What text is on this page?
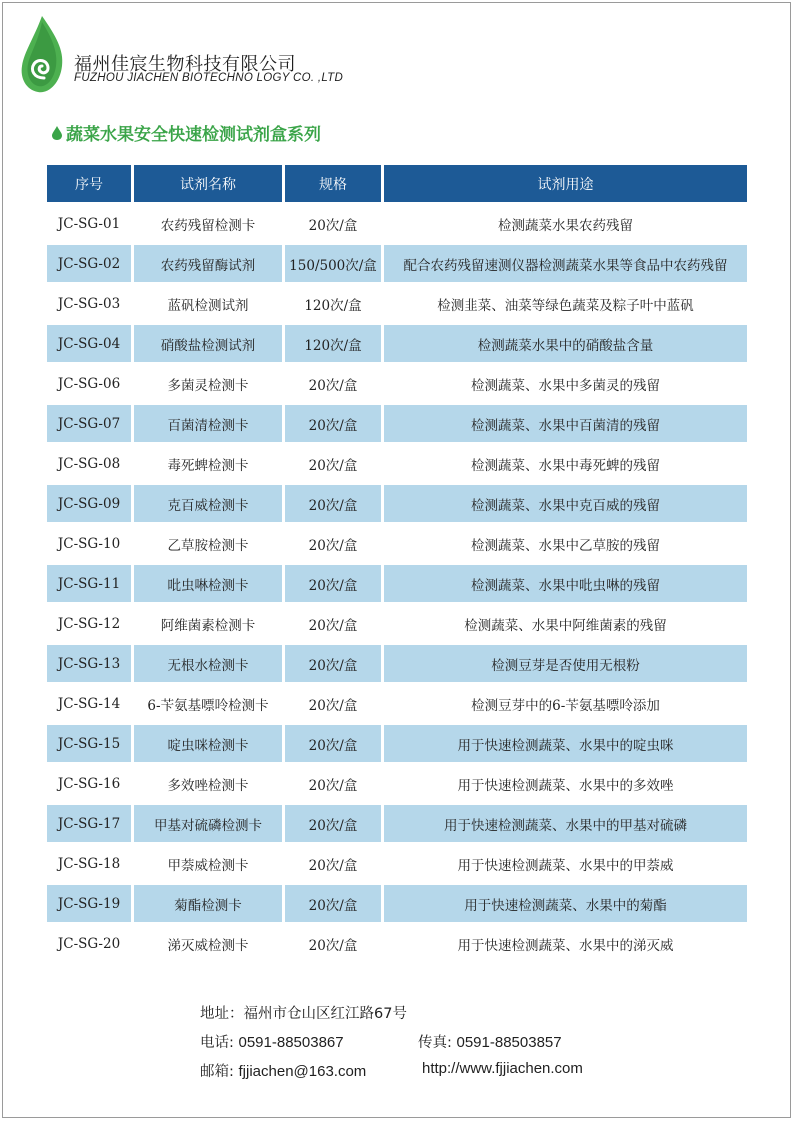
福州佳宸生物科技有限公司
FUZHOU JIACHEN BIOTECHNO LOGY CO. ,LTD
蔬菜水果安全快速检测试剂盒系列
序号	试剂名称	规格	试剂用途
JC-SG-01	农药残留检测卡	20次/盒	检测蔬菜水果农药残留
JC-SG-02	农药残留酶试剂	150/500次/盒	配合农药残留速测仪器检测蔬菜水果等食品中农药残留
JC-SG-03	蓝矾检测试剂	120次/盒	检测韭菜、油菜等绿色蔬菜及粽子叶中蓝矾
JC-SG-04	硝酸盐检测试剂	120次/盒	检测蔬菜水果中的硝酸盐含量
JC-SG-06	多菌灵检测卡	20次/盒	检测蔬菜、水果中多菌灵的残留
JC-SG-07	百菌清检测卡	20次/盒	检测蔬菜、水果中百菌清的残留
JC-SG-08	毒死蜱检测卡	20次/盒	检测蔬菜、水果中毒死蜱的残留
JC-SG-09	克百威检测卡	20次/盒	检测蔬菜、水果中克百威的残留
JC-SG-10	乙草胺检测卡	20次/盒	检测蔬菜、水果中乙草胺的残留
JC-SG-11	吡虫啉检测卡	20次/盒	检测蔬菜、水果中吡虫啉的残留
JC-SG-12	阿维菌素检测卡	20次/盒	检测蔬菜、水果中阿维菌素的残留
JC-SG-13	无根水检测卡	20次/盒	检测豆芽是否使用无根粉
JC-SG-14	6-苄氨基嘌呤检测卡	20次/盒	检测豆芽中的6-苄氨基嘌呤添加
JC-SG-15	啶虫咪检测卡	20次/盒	用于快速检测蔬菜、水果中的啶虫咪
JC-SG-16	多效唑检测卡	20次/盒	用于快速检测蔬菜、水果中的多效唑
JC-SG-17	甲基对硫磷检测卡	20次/盒	用于快速检测蔬菜、水果中的甲基对硫磷
JC-SG-18	甲萘威检测卡	20次/盒	用于快速检测蔬菜、水果中的甲萘威
JC-SG-19	菊酯检测卡	20次/盒	用于快速检测蔬菜、水果中的菊酯
JC-SG-20	涕灭威检测卡	20次/盒	用于快速检测蔬菜、水果中的涕灭威
地址：福州市仓山区红江路67号
电话: 0591-88503867	传真: 0591-88503857
邮箱: fjjiachen@163.com	http://www.fjjiachen.com
